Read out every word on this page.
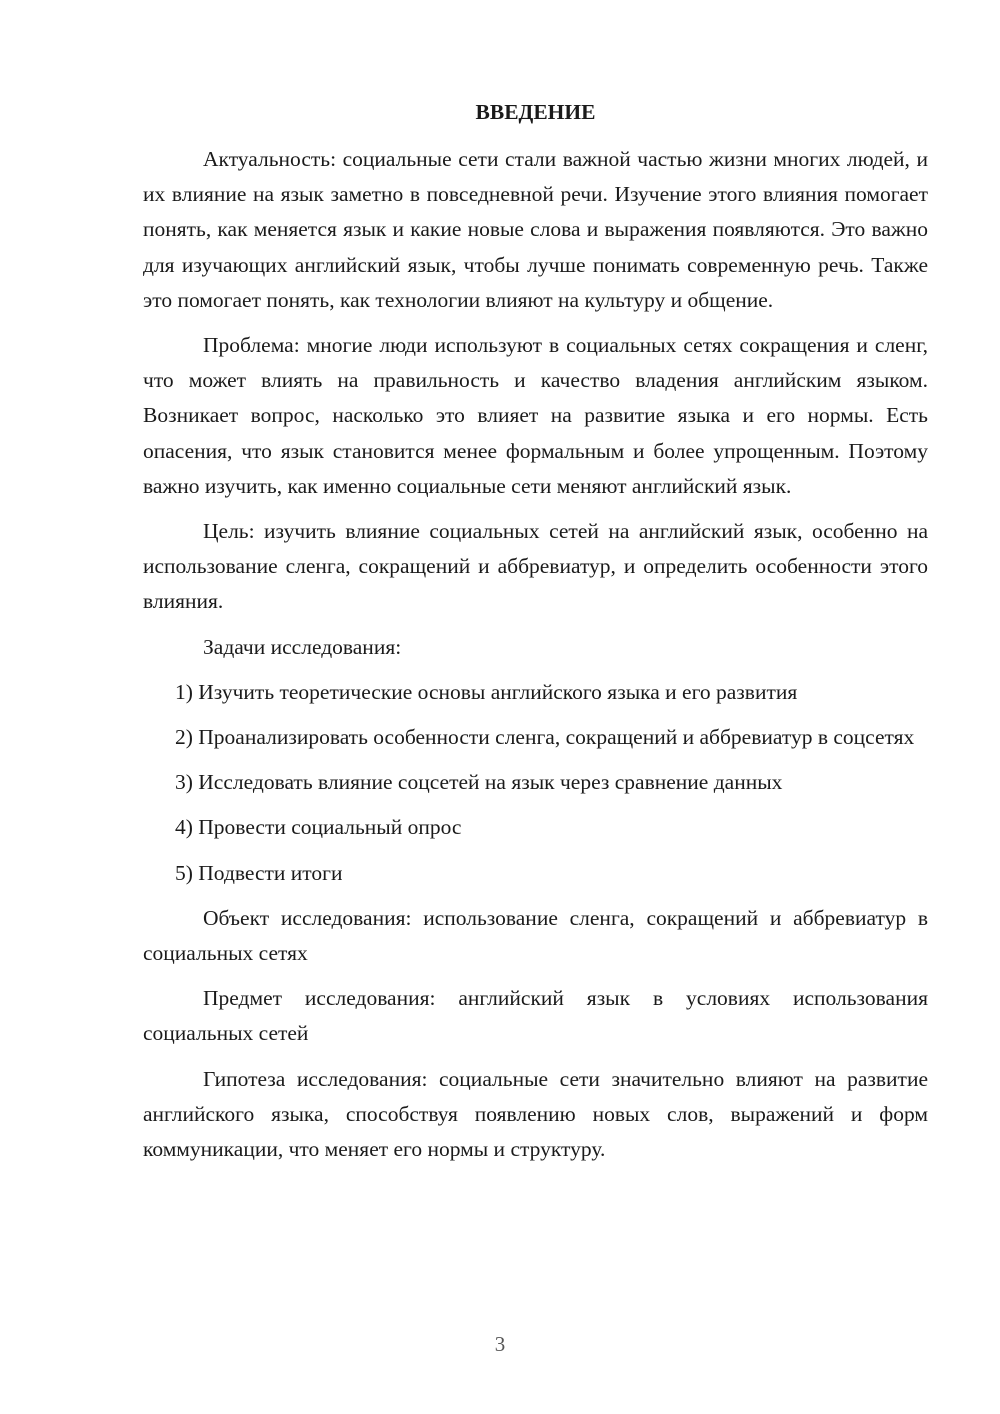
ВВЕДЕНИЕ

Актуальность: социальные сети стали важной частью жизни многих людей, и их влияние на язык заметно в повседневной речи. Изучение этого влияния помогает понять, как меняется язык и какие новые слова и выражения появляются. Это важно для изучающих английский язык, чтобы лучше понимать современную речь. Также это помогает понять, как технологии влияют на культуру и общение.

Проблема: многие люди используют в социальных сетях сокращения и сленг, что может влиять на правильность и качество владения английским языком. Возникает вопрос, насколько это влияет на развитие языка и его нормы. Есть опасения, что язык становится менее формальным и более упрощенным. Поэтому важно изучить, как именно социальные сети меняют английский язык.

Цель: изучить влияние социальных сетей на английский язык, особенно на использование сленга, сокращений и аббревиатур, и определить особенности этого влияния.

Задачи исследования:

1) Изучить теоретические основы английского языка и его развития

2) Проанализировать особенности сленга, сокращений и аббревиатур в соцсетях

3) Исследовать влияние соцсетей на язык через сравнение данных

4) Провести социальный опрос

5) Подвести итоги

Объект исследования: использование сленга, сокращений и аббревиатур в социальных сетях

Предмет исследования: английский язык в условиях использования социальных сетей

Гипотеза исследования: социальные сети значительно влияют на развитие английского языка, способствуя появлению новых слов, выражений и форм коммуникации, что меняет его нормы и структуру.

3
